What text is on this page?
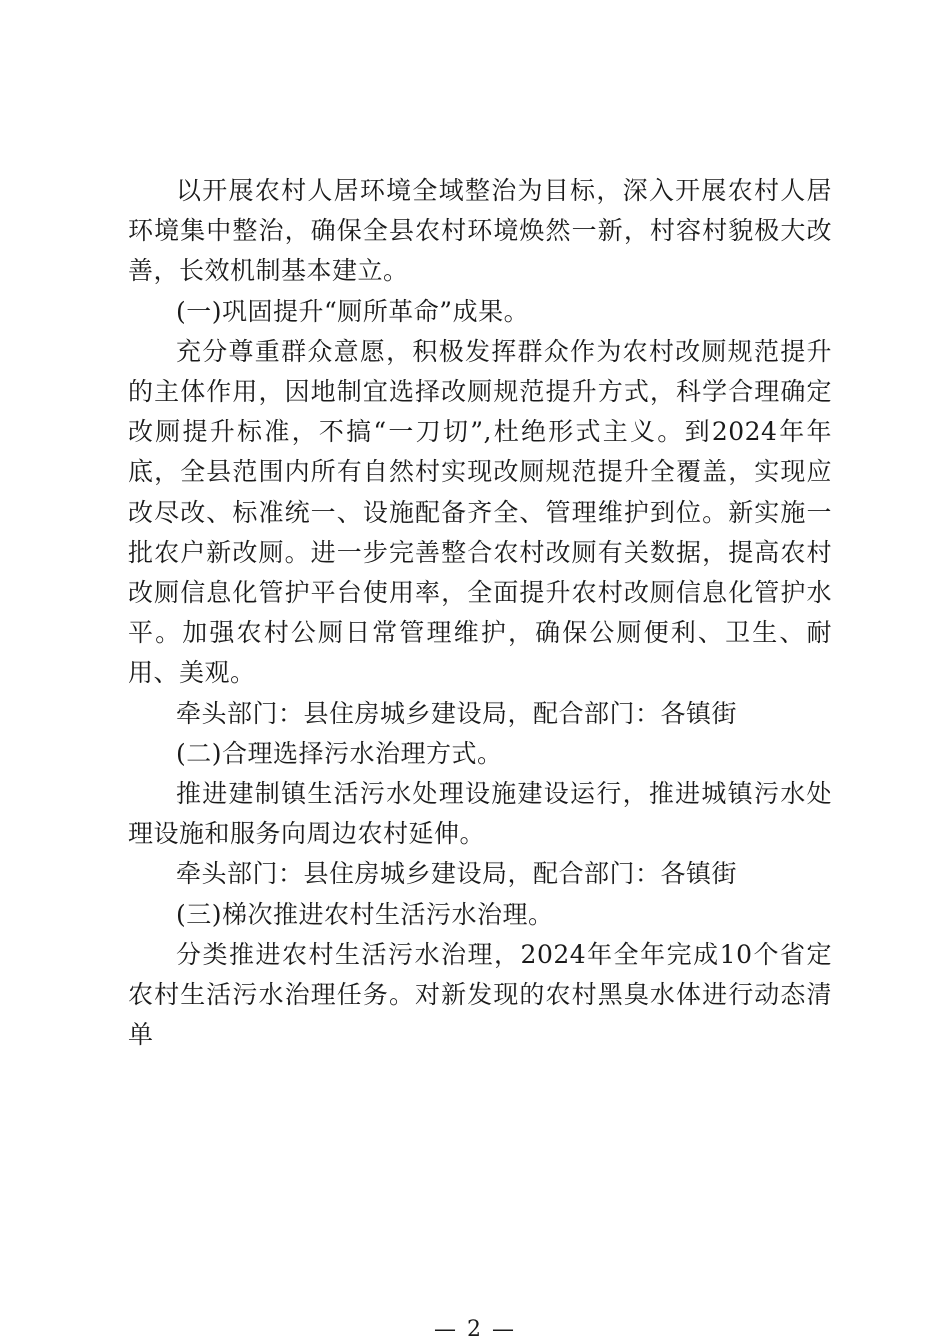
以开展农村人居环境全域整治为目标，深入开展农村人居环境集中整治，确保全县农村环境焕然一新，村容村貌极大改善，长效机制基本建立。

(一)巩固提升“厕所革命”成果。

充分尊重群众意愿，积极发挥群众作为农村改厕规范提升的主体作用，因地制宜选择改厕规范提升方式，科学合理确定改厕提升标准，不搞“一刀切”,杜绝形式主义。到2024年年底，全县范围内所有自然村实现改厕规范提升全覆盖，实现应改尽改、标准统一、设施配备齐全、管理维护到位。新实施一批农户新改厕。进一步完善整合农村改厕有关数据，提高农村改厕信息化管护平台使用率，全面提升农村改厕信息化管护水平。加强农村公厕日常管理维护，确保公厕便利、卫生、耐用、美观。

牵头部门：县住房城乡建设局，配合部门：各镇街

(二)合理选择污水治理方式。

推进建制镇生活污水处理设施建设运行，推进城镇污水处理设施和服务向周边农村延伸。

牵头部门：县住房城乡建设局，配合部门：各镇街

(三)梯次推进农村生活污水治理。

分类推进农村生活污水治理，2024年全年完成10个省定农村生活污水治理任务。对新发现的农村黑臭水体进行动态清单

— 2 —
